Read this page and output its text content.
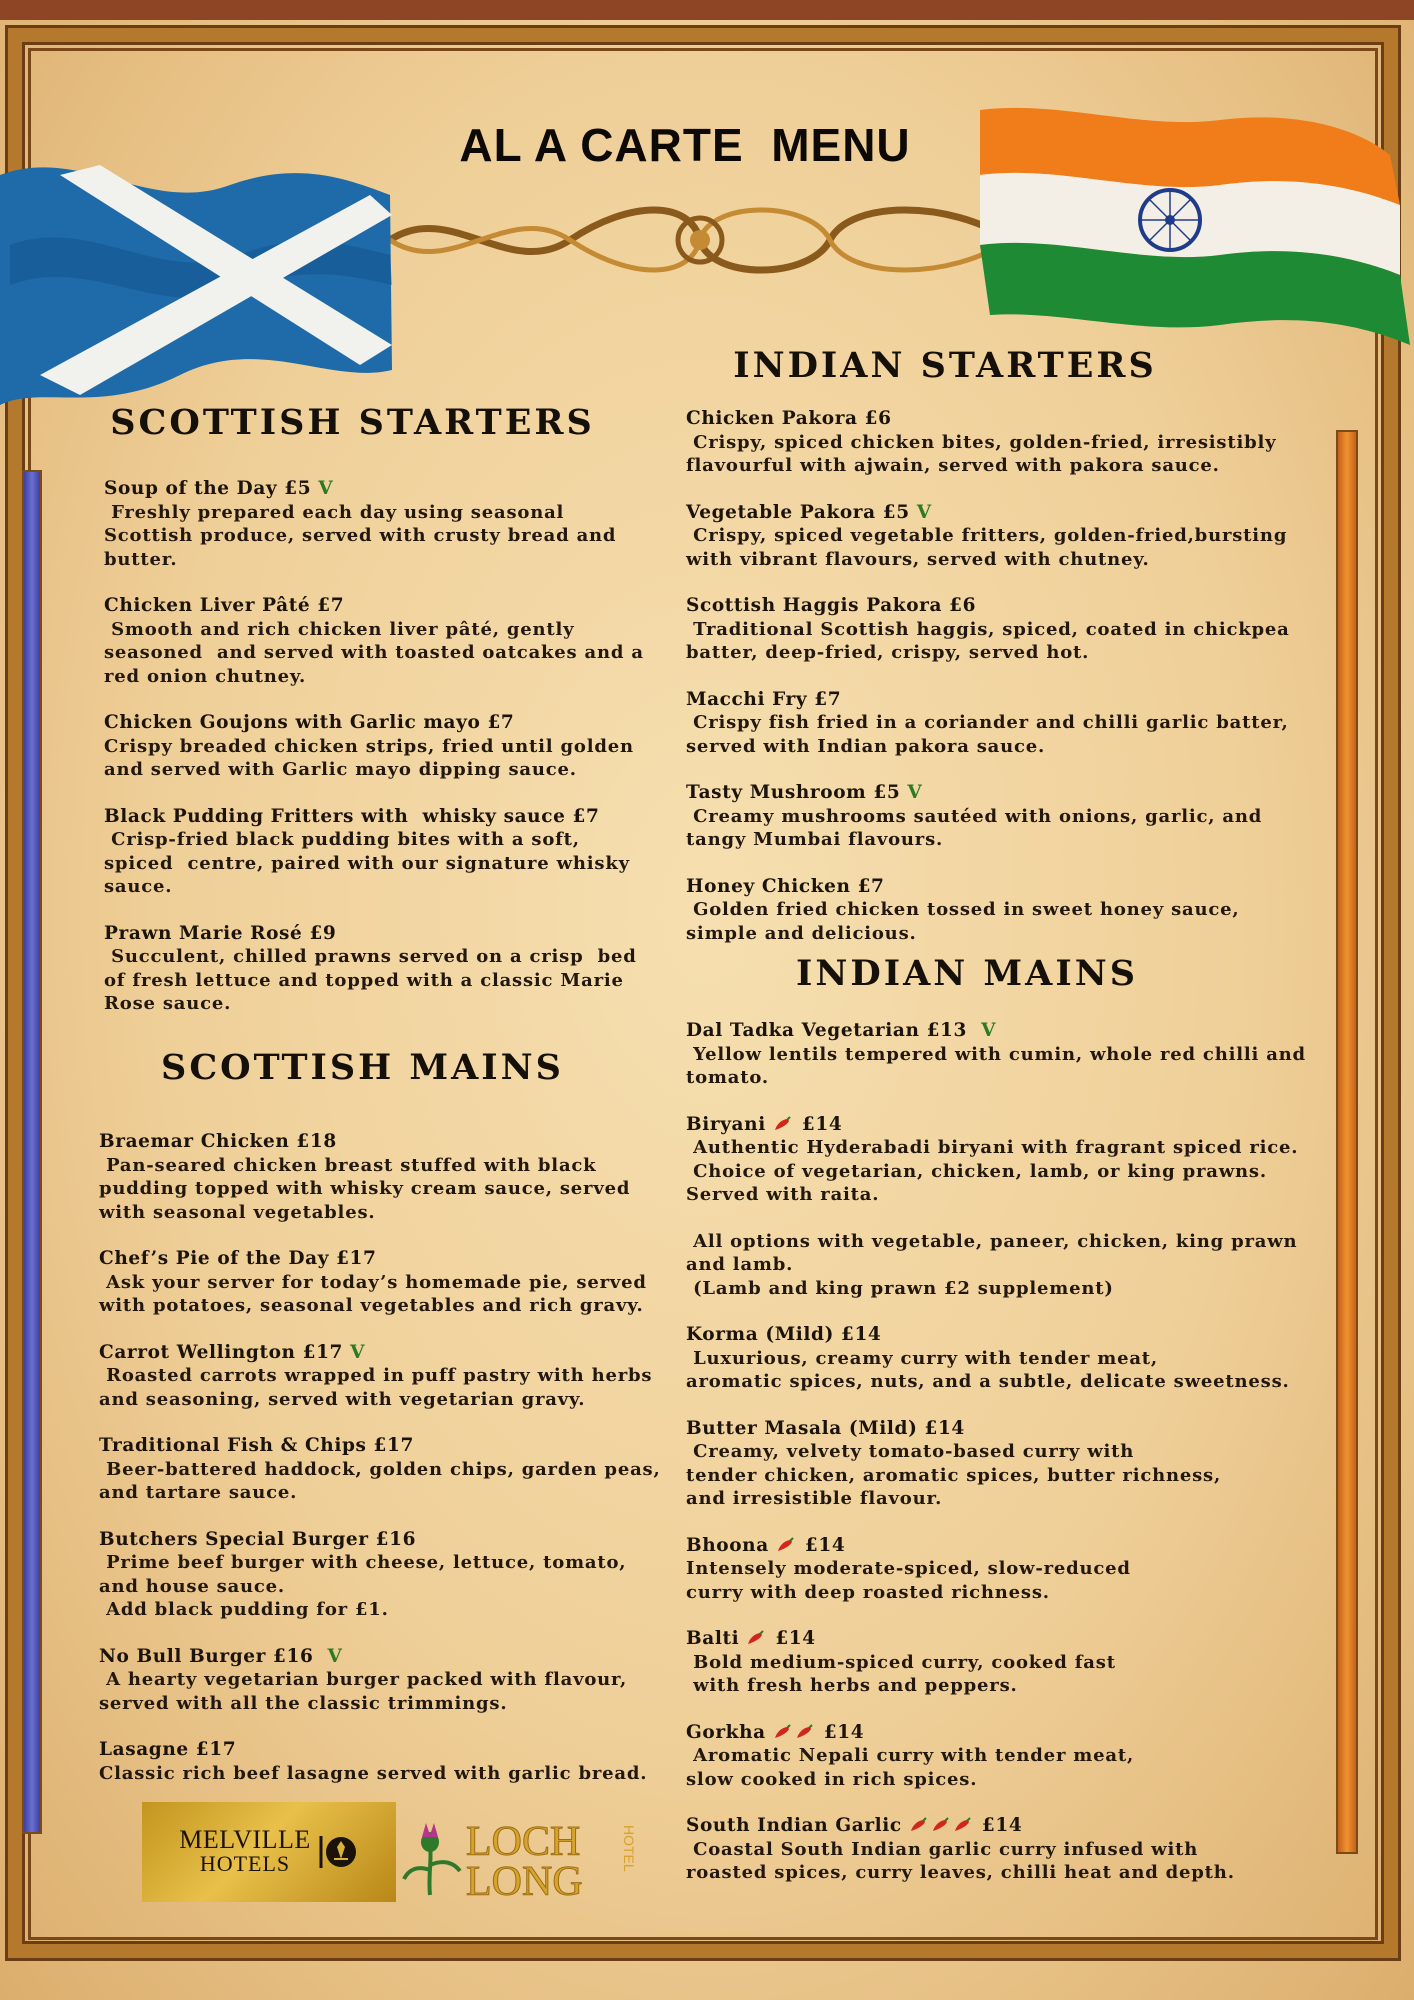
AL A CARTE  MENU
SCOTTISH STARTERS
Soup of the Day £5 V
Freshly prepared each day using seasonal
Scottish produce, served with crusty bread and
butter.
Chicken Liver Pâté £7
Smooth and rich chicken liver pâté, gently
seasoned  and served with toasted oatcakes and a
red onion chutney.
Chicken Goujons with Garlic mayo £7
Crispy breaded chicken strips, fried until golden
and served with Garlic mayo dipping sauce.
Black Pudding Fritters with  whisky sauce £7
Crisp-fried black pudding bites with a soft,
spiced  centre, paired with our signature whisky
sauce.
Prawn Marie Rosé £9
Succulent, chilled prawns served on a crisp  bed
of fresh lettuce and topped with a classic Marie
Rose sauce.
SCOTTISH MAINS
Braemar Chicken £18
Pan-seared chicken breast stuffed with black
pudding topped with whisky cream sauce, served
with seasonal vegetables.
Chef’s Pie of the Day £17
Ask your server for today’s homemade pie, served
with potatoes, seasonal vegetables and rich gravy.
Carrot Wellington £17 V
Roasted carrots wrapped in puff pastry with herbs
and seasoning, served with vegetarian gravy.
Traditional Fish & Chips £17
Beer-battered haddock, golden chips, garden peas,
and tartare sauce.
Butchers Special Burger £16
Prime beef burger with cheese, lettuce, tomato,
and house sauce.
Add black pudding for £1.
No Bull Burger £16  V
A hearty vegetarian burger packed with flavour,
served with all the classic trimmings.
Lasagne £17
Classic rich beef lasagne served with garlic bread.
INDIAN STARTERS
Chicken Pakora £6
Crispy, spiced chicken bites, golden-fried, irresistibly
flavourful with ajwain, served with pakora sauce.
Vegetable Pakora £5 V
Crispy, spiced vegetable fritters, golden-fried,bursting
with vibrant flavours, served with chutney.
Scottish Haggis Pakora £6
Traditional Scottish haggis, spiced, coated in chickpea
batter, deep-fried, crispy, served hot.
Macchi Fry £7
Crispy fish fried in a coriander and chilli garlic batter,
served with Indian pakora sauce.
Tasty Mushroom £5 V
Creamy mushrooms sautéed with onions, garlic, and
tangy Mumbai flavours.
Honey Chicken £7
Golden fried chicken tossed in sweet honey sauce,
simple and delicious.
INDIAN MAINS
Dal Tadka Vegetarian £13  V
Yellow lentils tempered with cumin, whole red chilli and
tomato.
Biryani  £14
Authentic Hyderabadi biryani with fragrant spiced rice.
Choice of vegetarian, chicken, lamb, or king prawns.
Served with raita.
All options with vegetable, paneer, chicken, king prawn
and lamb.
(Lamb and king prawn £2 supplement)
Korma (Mild) £14
Luxurious, creamy curry with tender meat,
aromatic spices, nuts, and a subtle, delicate sweetness.
Butter Masala (Mild) £14
Creamy, velvety tomato-based curry with
tender chicken, aromatic spices, butter richness,
and irresistible flavour.
Bhoona  £14
Intensely moderate-spiced, slow-reduced
curry with deep roasted richness.
Balti  £14
Bold medium-spiced curry, cooked fast
with fresh herbs and peppers.
Gorkha	£14
Aromatic Nepali curry with tender meat,
slow cooked in rich spices.
South Indian Garlic	£14
Coastal South Indian garlic curry infused with
roasted spices, curry leaves, chilli heat and depth.
MELVILLE
HOTELS	LOCH
LONG
HOTEL
